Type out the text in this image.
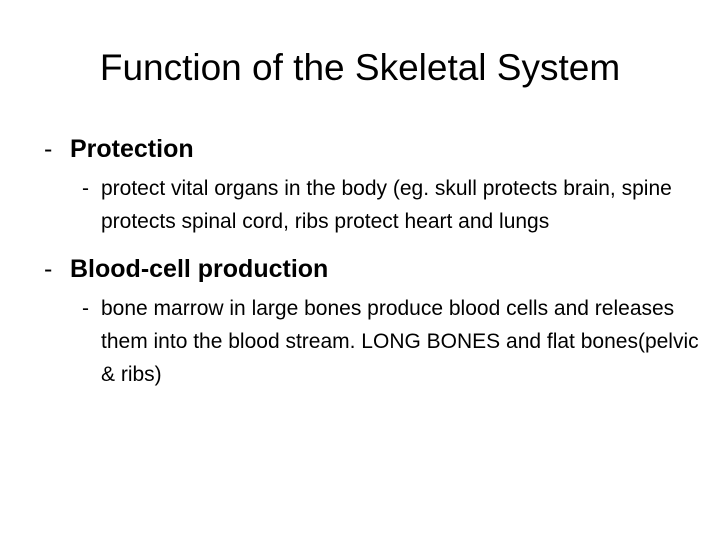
Function of the Skeletal System

- Protection

- protect vital organs in the body (eg. skull protects brain, spine protects spinal cord, ribs protect heart and lungs

- Blood-cell production

- bone marrow in large bones produce blood cells and releases them into the blood stream. LONG BONES and flat bones(pelvic & ribs)
